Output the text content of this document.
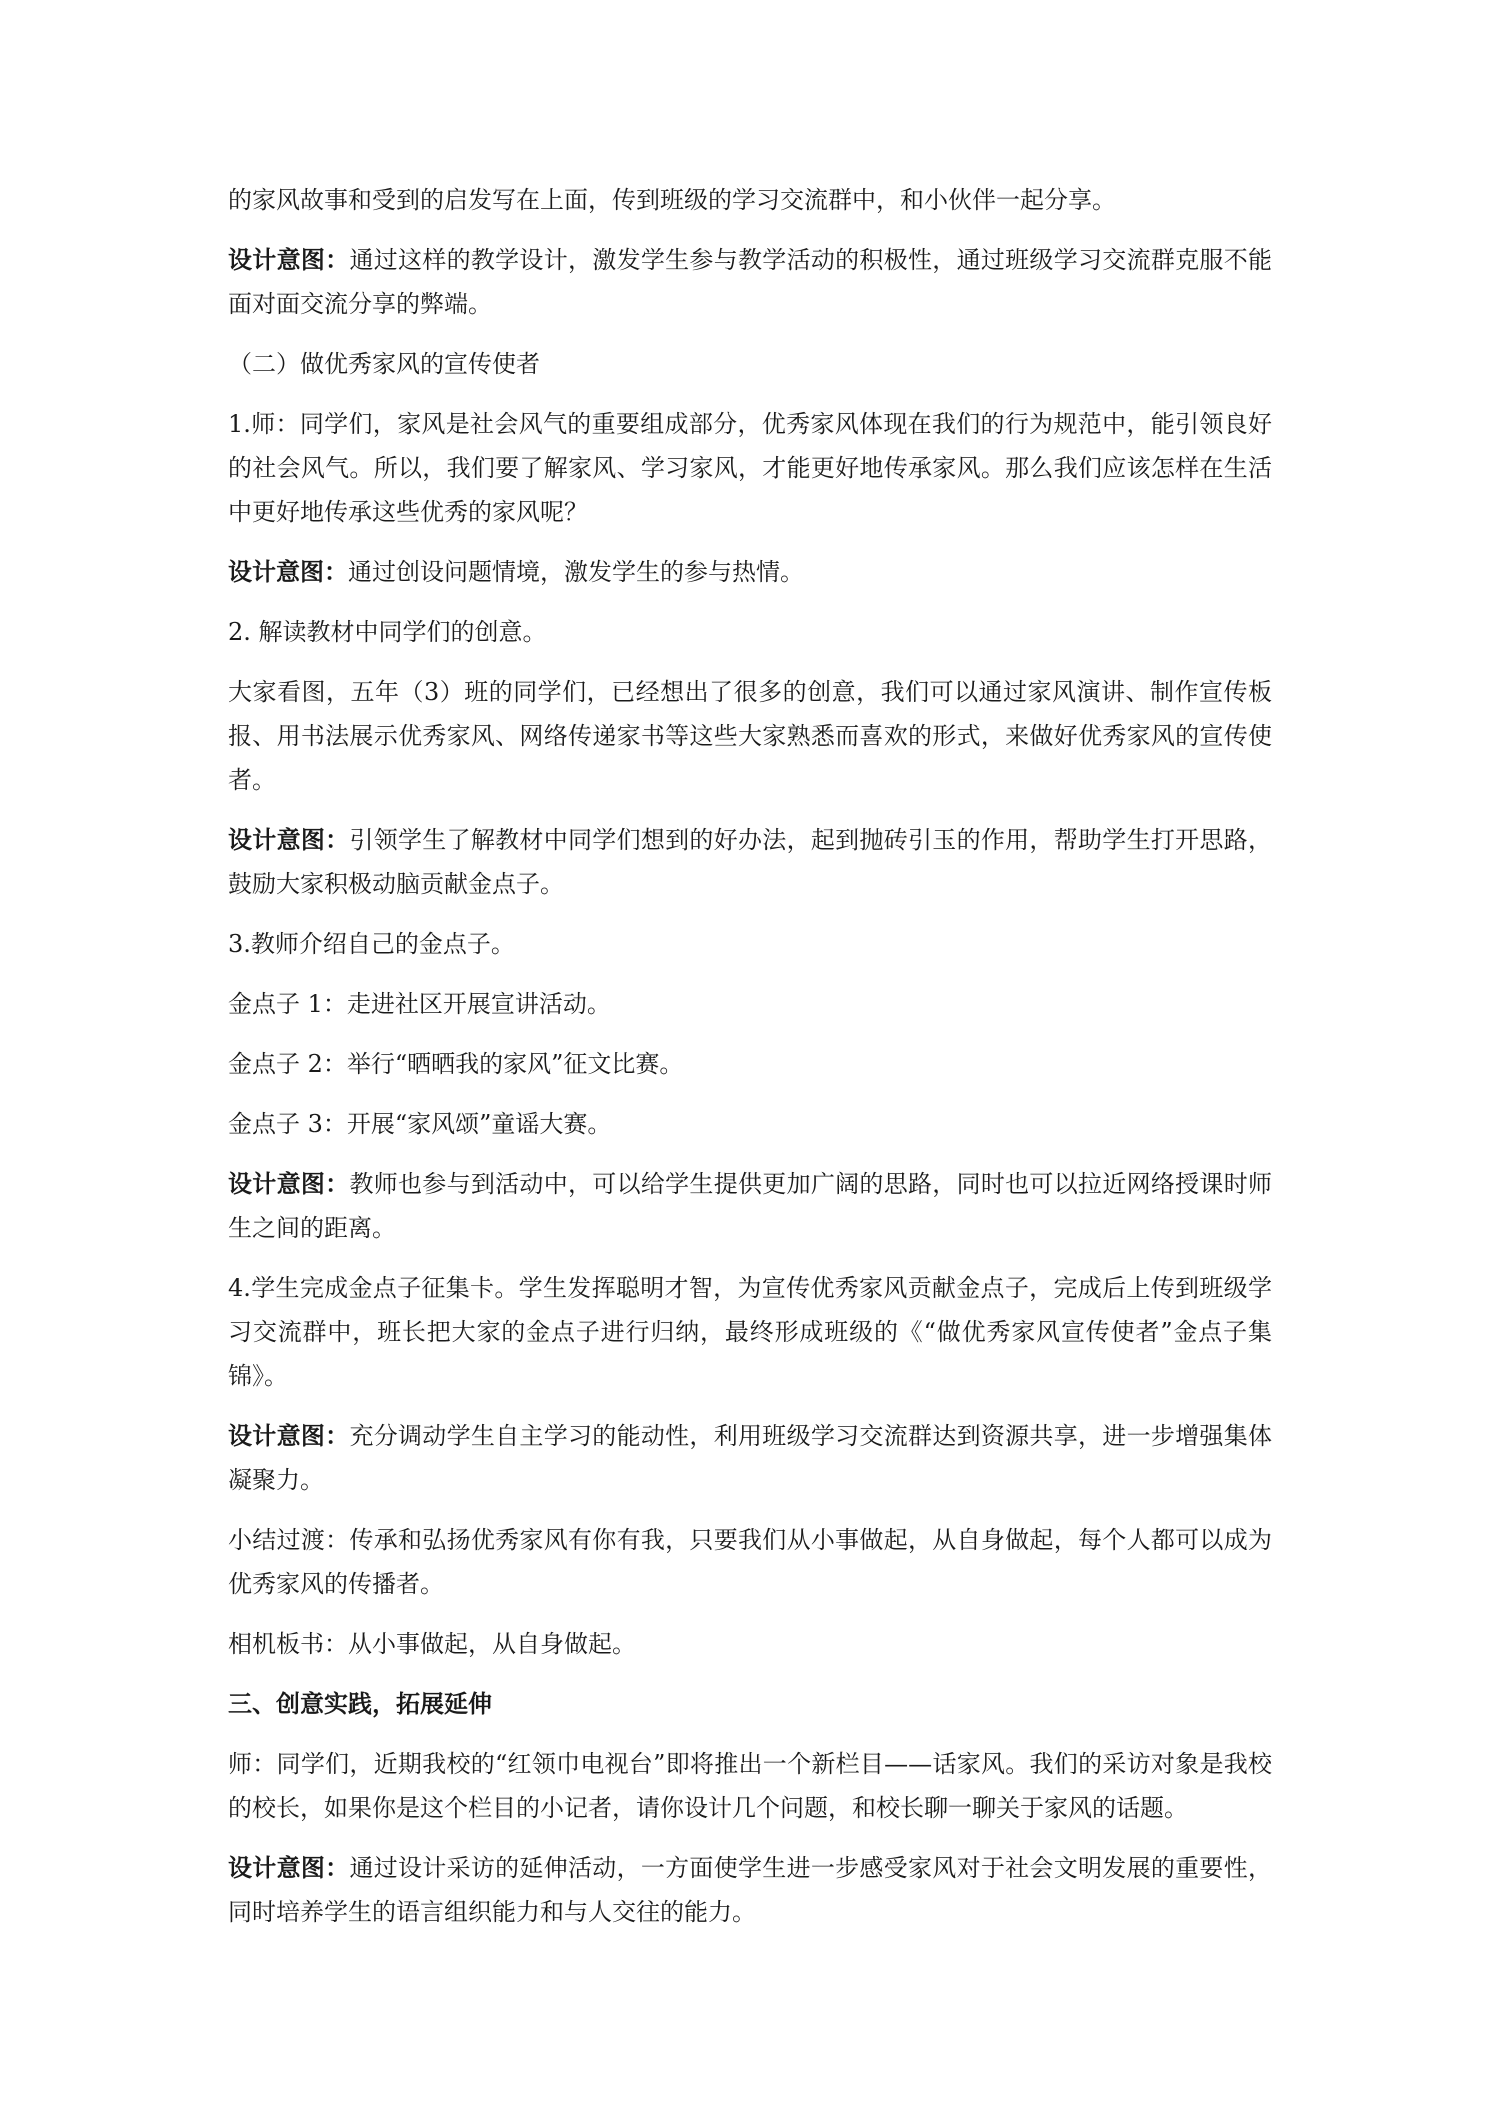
的家风故事和受到的启发写在上面，传到班级的学习交流群中，和小伙伴一起分享。

设计意图：通过这样的教学设计，激发学生参与教学活动的积极性，通过班级学习交流群克服不能面对面交流分享的弊端。

（二）做优秀家风的宣传使者

1.师：同学们，家风是社会风气的重要组成部分，优秀家风体现在我们的行为规范中，能引领良好的社会风气。所以，我们要了解家风、学习家风，才能更好地传承家风。那么我们应该怎样在生活中更好地传承这些优秀的家风呢？

设计意图：通过创设问题情境，激发学生的参与热情。

2. 解读教材中同学们的创意。

大家看图，五年（3）班的同学们，已经想出了很多的创意，我们可以通过家风演讲、制作宣传板报、用书法展示优秀家风、网络传递家书等这些大家熟悉而喜欢的形式，来做好优秀家风的宣传使者。

设计意图：引领学生了解教材中同学们想到的好办法，起到抛砖引玉的作用，帮助学生打开思路，鼓励大家积极动脑贡献金点子。

3.教师介绍自己的金点子。

金点子 1：走进社区开展宣讲活动。

金点子 2：举行“晒晒我的家风”征文比赛。

金点子 3：开展“家风颂”童谣大赛。

设计意图：教师也参与到活动中，可以给学生提供更加广阔的思路，同时也可以拉近网络授课时师生之间的距离。

4.学生完成金点子征集卡。学生发挥聪明才智，为宣传优秀家风贡献金点子，完成后上传到班级学习交流群中，班长把大家的金点子进行归纳，最终形成班级的《“做优秀家风宣传使者”金点子集锦》。

设计意图：充分调动学生自主学习的能动性，利用班级学习交流群达到资源共享，进一步增强集体凝聚力。

小结过渡：传承和弘扬优秀家风有你有我，只要我们从小事做起，从自身做起，每个人都可以成为优秀家风的传播者。

相机板书：从小事做起，从自身做起。

三、创意实践，拓展延伸

师：同学们，近期我校的“红领巾电视台”即将推出一个新栏目——话家风。我们的采访对象是我校的校长，如果你是这个栏目的小记者，请你设计几个问题，和校长聊一聊关于家风的话题。

设计意图：通过设计采访的延伸活动，一方面使学生进一步感受家风对于社会文明发展的重要性，同时培养学生的语言组织能力和与人交往的能力。
